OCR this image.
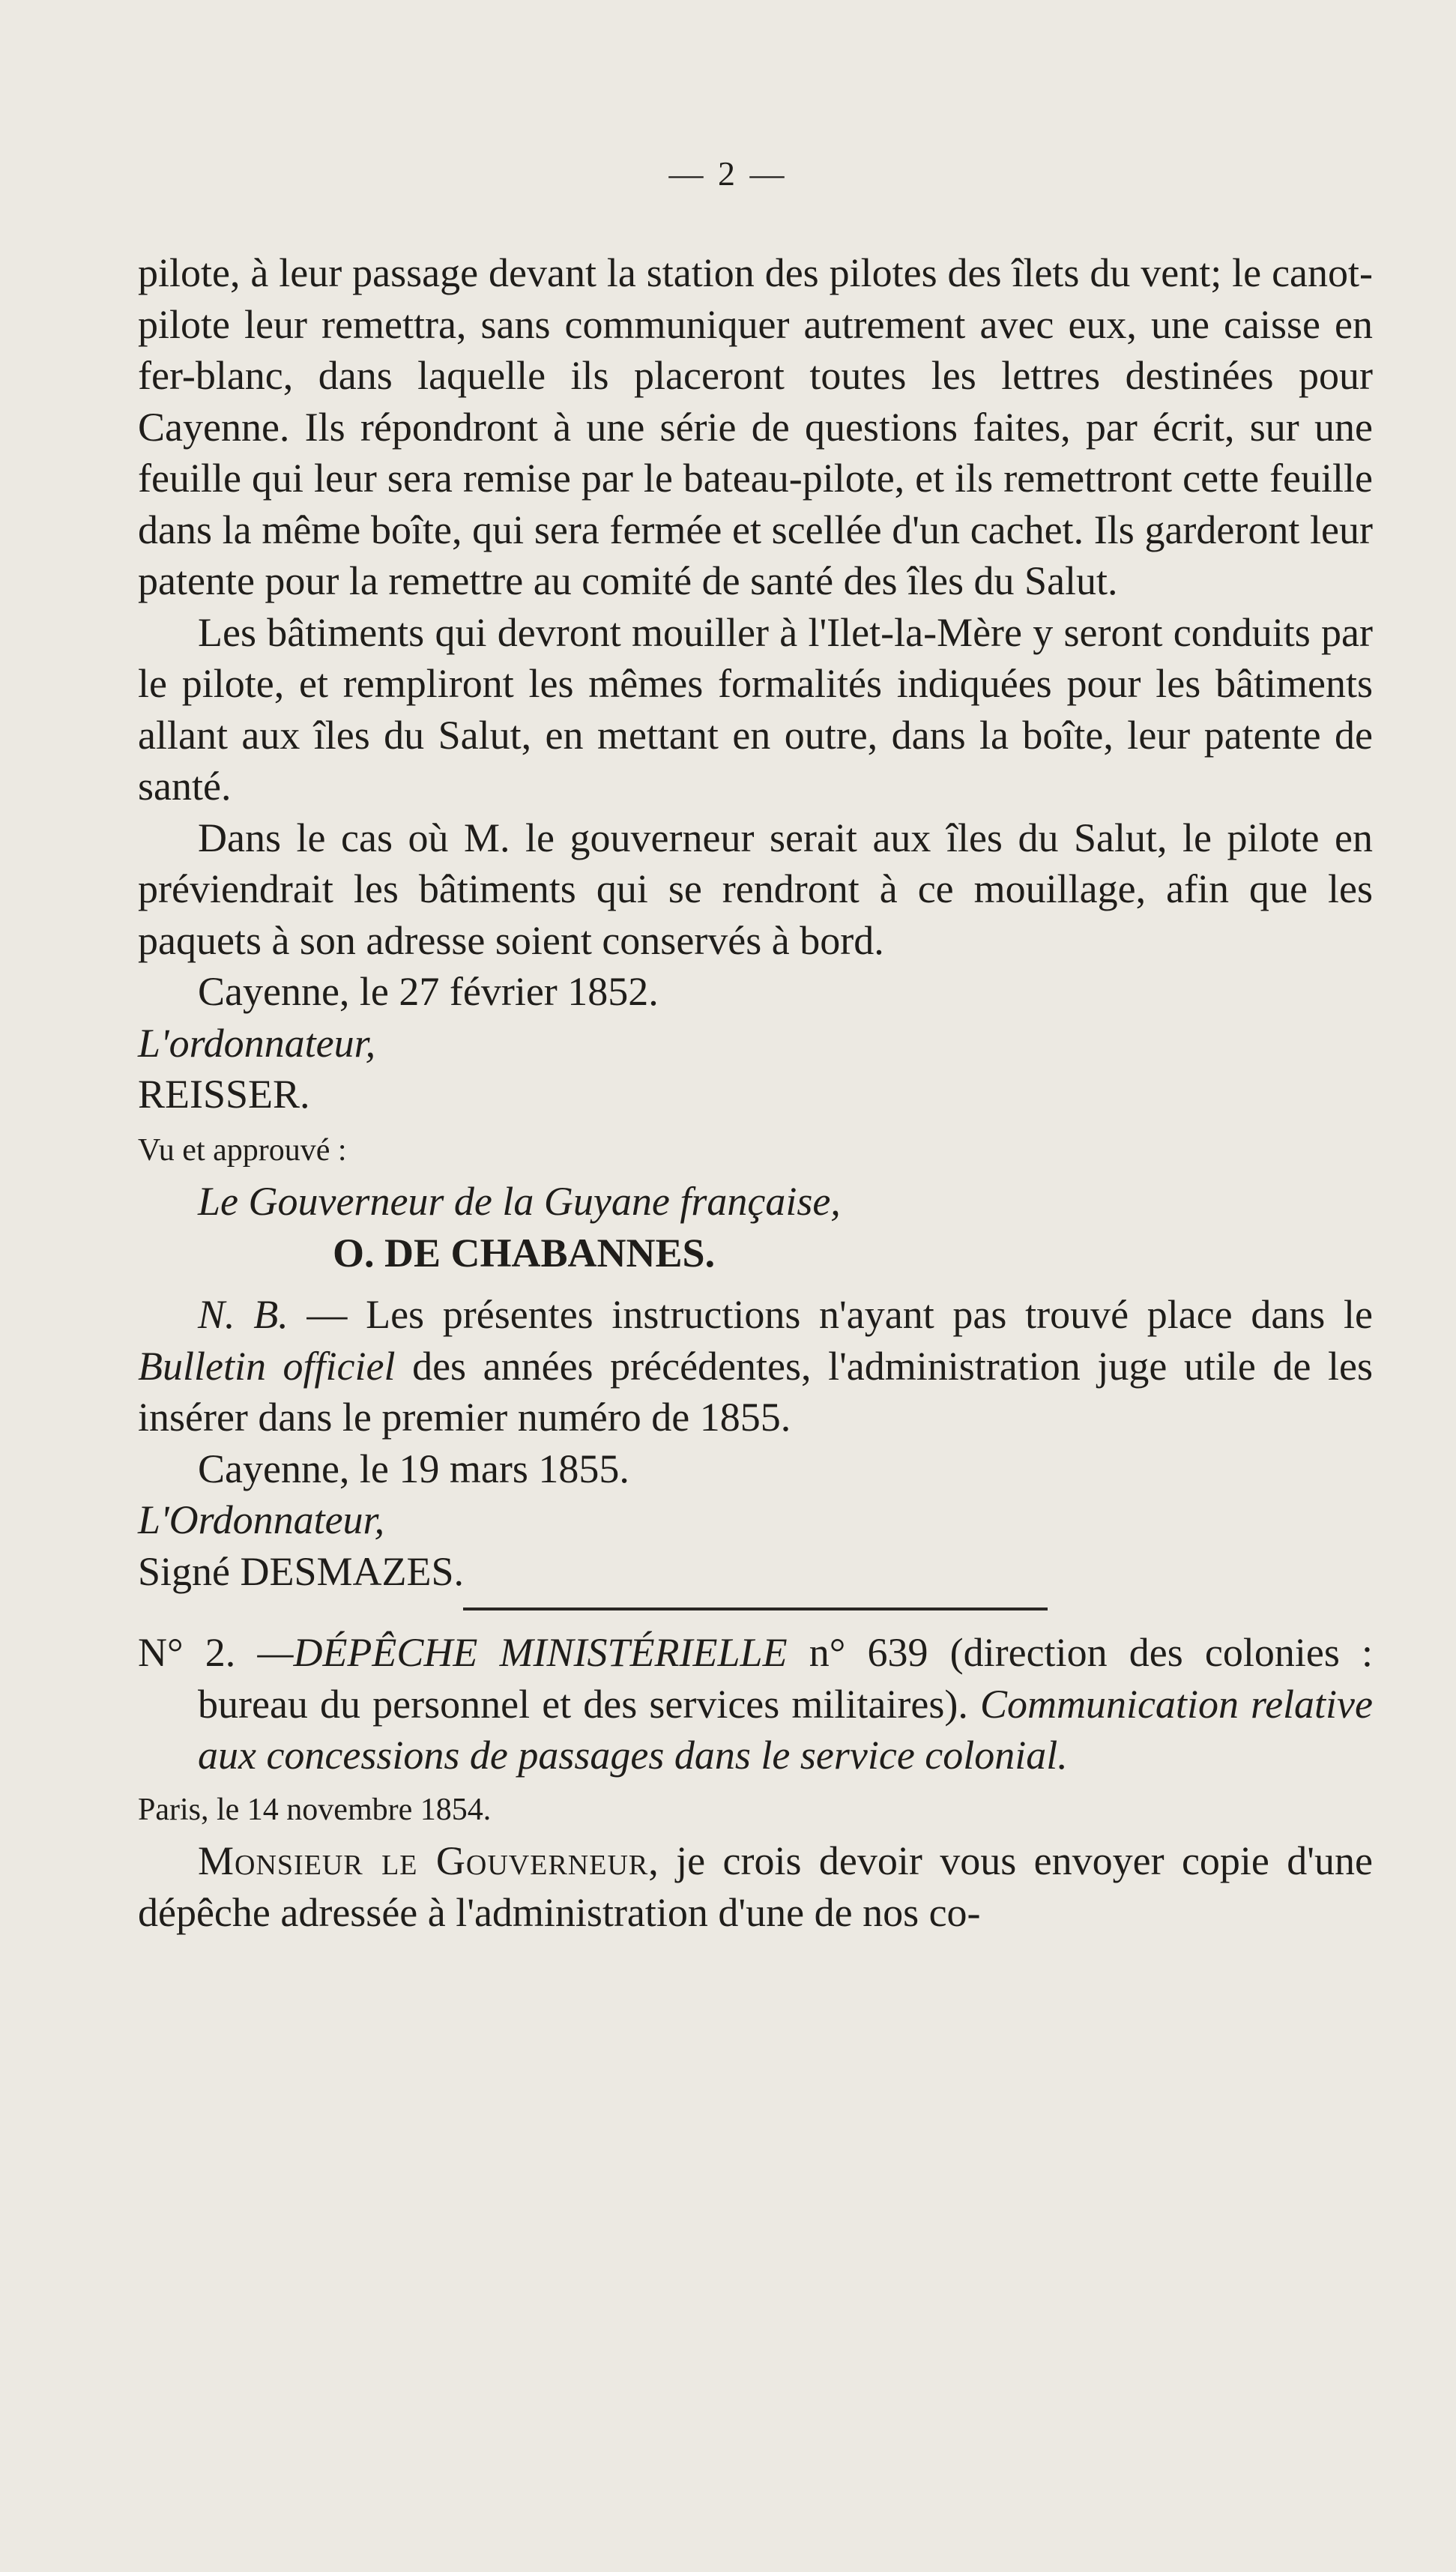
— 2 —

pilote, à leur passage devant la station des pilotes des îlets du vent; le canot-pilote leur remettra, sans communiquer autrement avec eux, une caisse en fer-blanc, dans laquelle ils placeront toutes les lettres destinées pour Cayenne. Ils répondront à une série de questions faites, par écrit, sur une feuille qui leur sera remise par le bateau-pilote, et ils remettront cette feuille dans la même boîte, qui sera fermée et scellée d'un cachet. Ils garderont leur patente pour la remettre au comité de santé des îles du Salut.

Les bâtiments qui devront mouiller à l'Ilet-la-Mère y seront conduits par le pilote, et rempliront les mêmes formalités indiquées pour les bâtiments allant aux îles du Salut, en mettant en outre, dans la boîte, leur patente de santé.

Dans le cas où M. le gouverneur serait aux îles du Salut, le pilote en préviendrait les bâtiments qui se rendront à ce mouillage, afin que les paquets à son adresse soient conservés à bord.

Cayenne, le 27 février 1852.

L'ordonnateur,

REISSER.

Vu et approuvé :

Le Gouverneur de la Guyane française,

O. DE CHABANNES.

N. B. — Les présentes instructions n'ayant pas trouvé place dans le Bulletin officiel des années précédentes, l'administration juge utile de les insérer dans le premier numéro de 1855.

Cayenne, le 19 mars 1855.

L'Ordonnateur,

Signé DESMAZES.

N° 2. —DÉPÊCHE MINISTÉRIELLE n° 639 (direction des colonies : bureau du personnel et des services militaires). Communication relative aux concessions de passages dans le service colonial.

Paris, le 14 novembre 1854.

Monsieur le Gouverneur, je crois devoir vous envoyer copie d'une dépêche adressée à l'administration d'une de nos co-
